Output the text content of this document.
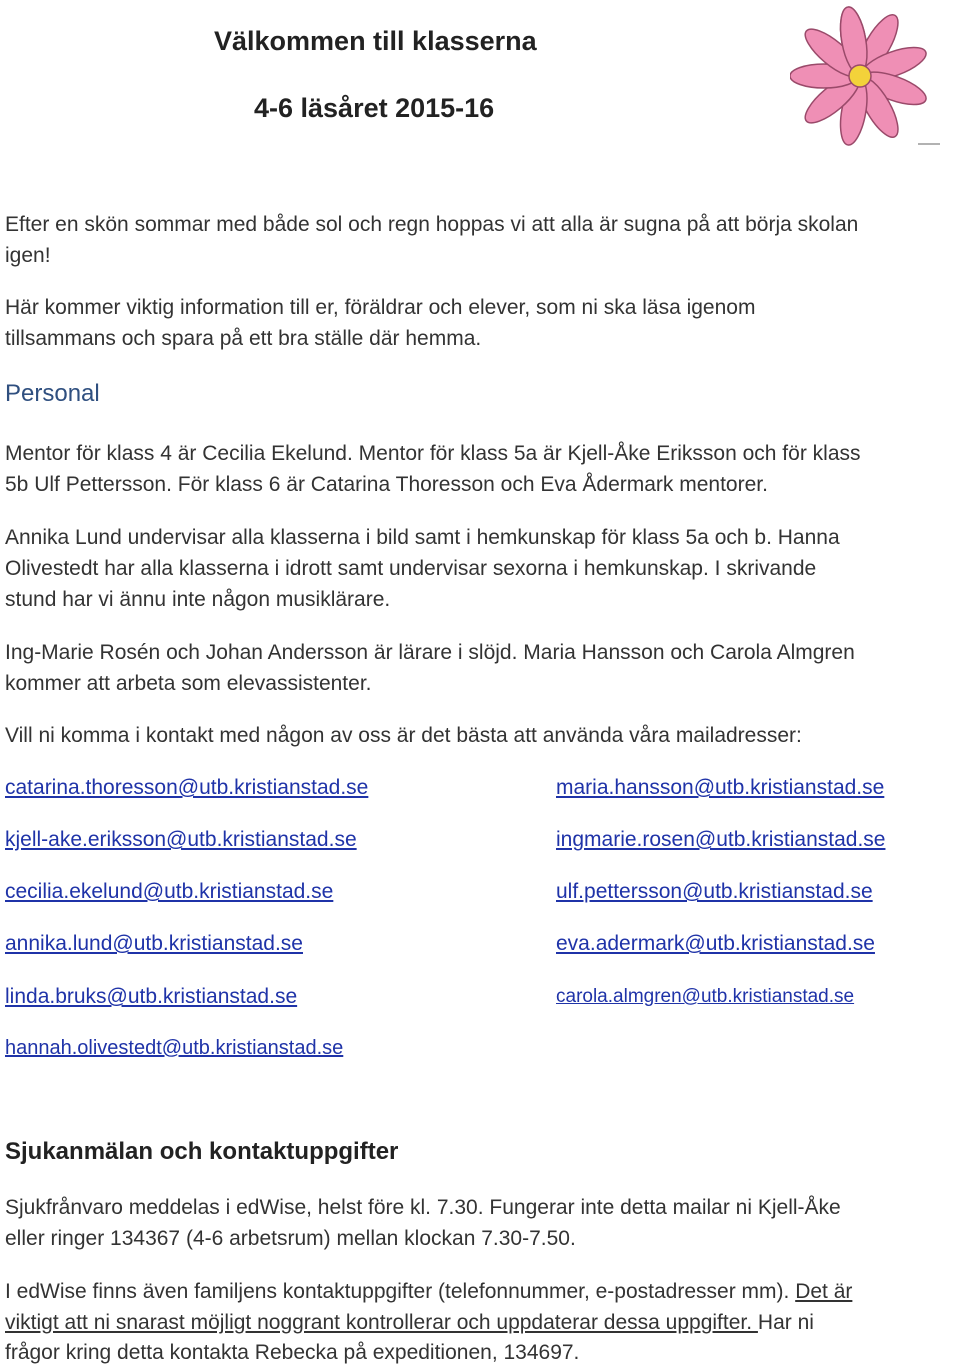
Välkommen till klasserna
4-6 läsåret 2015-16
Efter en skön sommar med både sol och regn hoppas vi att alla är sugna på att börja skolan
igen!
Här kommer viktig information till er, föräldrar och elever, som ni ska läsa igenom
tillsammans och spara på ett bra ställe där hemma.
Personal
Mentor för klass 4 är Cecilia Ekelund. Mentor för klass 5a är Kjell-Åke Eriksson och för klass
5b Ulf Pettersson. För klass 6 är Catarina Thoresson och Eva Ådermark mentorer.
Annika Lund undervisar alla klasserna i bild samt i hemkunskap för klass 5a och b. Hanna
Olivestedt har alla klasserna i idrott samt undervisar sexorna i hemkunskap. I skrivande
stund har vi ännu inte någon musiklärare.
Ing-Marie Rosén och Johan Andersson är lärare i slöjd. Maria Hansson och Carola Almgren
kommer att arbeta som elevassistenter.
Vill ni komma i kontakt med någon av oss är det bästa att använda våra mailadresser:
catarina.thoresson@utb.kristianstad.se
kjell-ake.eriksson@utb.kristianstad.se
cecilia.ekelund@utb.kristianstad.se
annika.lund@utb.kristianstad.se
linda.bruks@utb.kristianstad.se
hannah.olivestedt@utb.kristianstad.se
maria.hansson@utb.kristianstad.se
ingmarie.rosen@utb.kristianstad.se
ulf.pettersson@utb.kristianstad.se
eva.adermark@utb.kristianstad.se
carola.almgren@utb.kristianstad.se
Sjukanmälan och kontaktuppgifter
Sjukfrånvaro meddelas i edWise, helst före kl. 7.30. Fungerar inte detta mailar ni Kjell-Åke
eller ringer 134367 (4-6 arbetsrum) mellan klockan 7.30-7.50.
I edWise finns även familjens kontaktuppgifter (telefonnummer, e-postadresser mm). Det är
viktigt att ni snarast möjligt noggrant kontrollerar och uppdaterar dessa uppgifter. Har ni
frågor kring detta kontakta Rebecka på expeditionen, 134697.
